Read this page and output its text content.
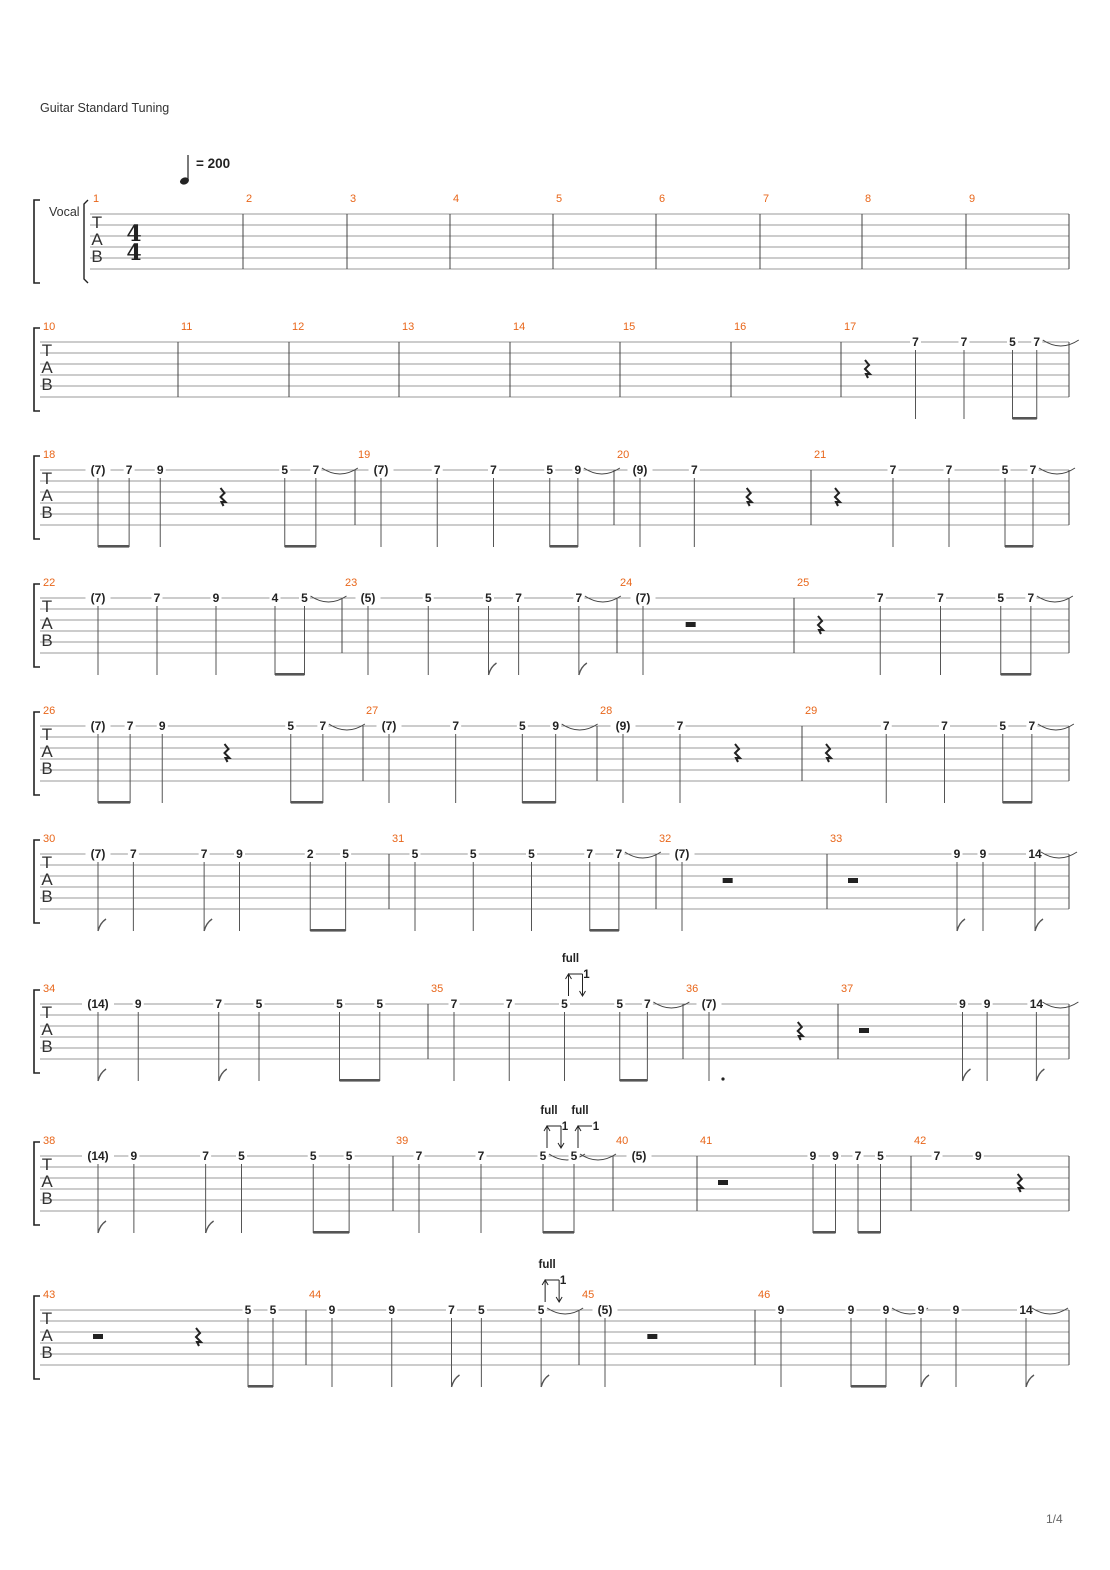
Guitar Standard Tuning
= 200
Vocal
T
A
B
1
4
4
2	3	4	5	6	7	8	9
T
A
B
10	11	12	13	14	15	16	17
7	7	5 7
T
A
B
18
(7) 7 9	5 7
19
(7)	7	7	5 9
20
(9)	7
21
7	7	5 7
T
A
B
22
(7)	7	9	4 5
23
(5)	5	5 7	7
24
(7)
25
7	7	5 7
T
A
B
26
(7) 7 9	5 7
27
(7)	7	5 9
28
(9)	7
29
7	7	5 7
T
A
B
30
(7) 7	7 9	2 5
31
5	5	5	7 7
32
(7)
33
9 9	14
T
A
B
34
(14) 9	7	5	5	5
35
7	7	5
1
full
5 7
36
(7)
37
9 9	14
T
A
B
38
(14) 9	7 5	5 5
39
7	7	5
1
full
5
1
full
40
(5)
41
9 9 7 5
42
7	9
T
A
B
43
5 5
44
9	9	7 5	5
1
full
45
(5)
46
9	9 9 9 9	14
1/4
